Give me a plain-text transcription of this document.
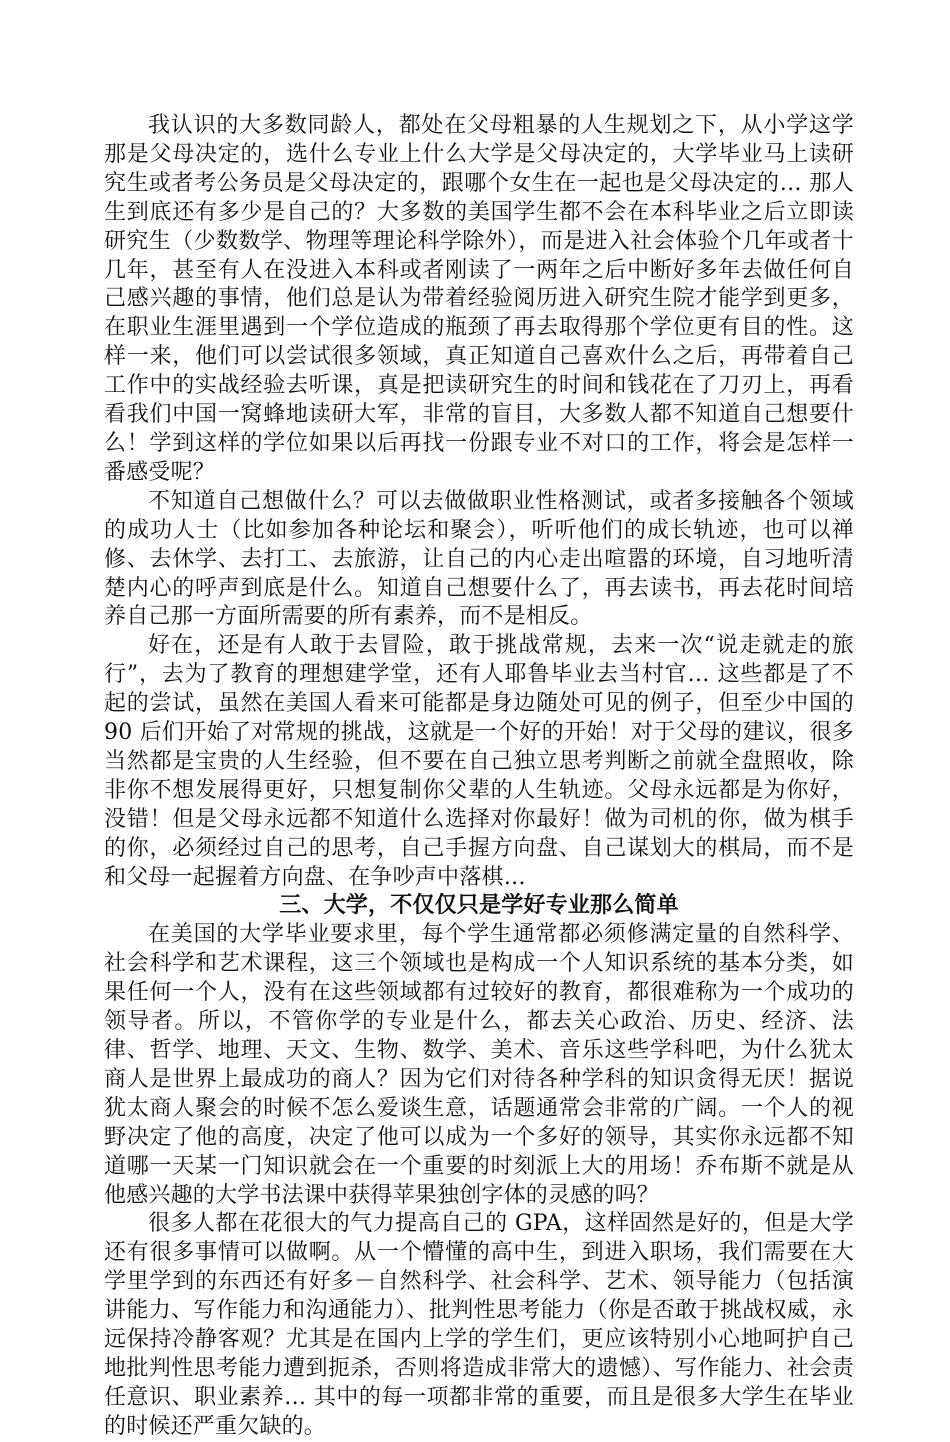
我认识的大多数同龄人，都处在父母粗暴的人生规划之下，从小学这学那是父母决定的，选什么专业上什么大学是父母决定的，大学毕业马上读研究生或者考公务员是父母决定的，跟哪个女生在一起也是父母决定的… 那人生到底还有多少是自己的？大多数的美国学生都不会在本科毕业之后立即读研究生（少数数学、物理等理论科学除外），而是进入社会体验个几年或者十几年，甚至有人在没进入本科或者刚读了一两年之后中断好多年去做任何自己感兴趣的事情，他们总是认为带着经验阅历进入研究生院才能学到更多，在职业生涯里遇到一个学位造成的瓶颈了再去取得那个学位更有目的性。这样一来，他们可以尝试很多领域，真正知道自己喜欢什么之后，再带着自己工作中的实战经验去听课，真是把读研究生的时间和钱花在了刀刃上，再看看我们中国一窝蜂地读研大军，非常的盲目，大多数人都不知道自己想要什么！学到这样的学位如果以后再找一份跟专业不对口的工作，将会是怎样一番感受呢？

不知道自己想做什么？可以去做做职业性格测试，或者多接触各个领域的成功人士（比如参加各种论坛和聚会），听听他们的成长轨迹，也可以禅修、去休学、去打工、去旅游，让自己的内心走出喧嚣的环境，自习地听清楚内心的呼声到底是什么。知道自己想要什么了，再去读书，再去花时间培养自己那一方面所需要的所有素养，而不是相反。

好在，还是有人敢于去冒险，敢于挑战常规，去来一次“说走就走的旅行”，去为了教育的理想建学堂，还有人耶鲁毕业去当村官… 这些都是了不起的尝试，虽然在美国人看来可能都是身边随处可见的例子，但至少中国的 90 后们开始了对常规的挑战，这就是一个好的开始！对于父母的建议，很多当然都是宝贵的人生经验，但不要在自己独立思考判断之前就全盘照收，除非你不想发展得更好，只想复制你父辈的人生轨迹。父母永远都是为你好，没错！但是父母永远都不知道什么选择对你最好！做为司机的你，做为棋手的你，必须经过自己的思考，自己手握方向盘、自己谋划大的棋局，而不是和父母一起握着方向盘、在争吵声中落棋…

三、大学，不仅仅只是学好专业那么简单

在美国的大学毕业要求里，每个学生通常都必须修满定量的自然科学、社会科学和艺术课程，这三个领域也是构成一个人知识系统的基本分类，如果任何一个人，没有在这些领域都有过较好的教育，都很难称为一个成功的领导者。所以，不管你学的专业是什么，都去关心政治、历史、经济、法律、哲学、地理、天文、生物、数学、美术、音乐这些学科吧，为什么犹太商人是世界上最成功的商人？因为它们对待各种学科的知识贪得无厌！据说犹太商人聚会的时候不怎么爱谈生意，话题通常会非常的广阔。一个人的视野决定了他的高度，决定了他可以成为一个多好的领导，其实你永远都不知道哪一天某一门知识就会在一个重要的时刻派上大的用场！乔布斯不就是从他感兴趣的大学书法课中获得苹果独创字体的灵感的吗？

很多人都在花很大的气力提高自己的 GPA，这样固然是好的，但是大学还有很多事情可以做啊。从一个懵懂的高中生，到进入职场，我们需要在大学里学到的东西还有好多－自然科学、社会科学、艺术、领导能力（包括演讲能力、写作能力和沟通能力）、批判性思考能力（你是否敢于挑战权威，永远保持冷静客观？尤其是在国内上学的学生们，更应该特别小心地呵护自己地批判性思考能力遭到扼杀，否则将造成非常大的遗憾）、写作能力、社会责任意识、职业素养… 其中的每一项都非常的重要，而且是很多大学生在毕业的时候还严重欠缺的。
